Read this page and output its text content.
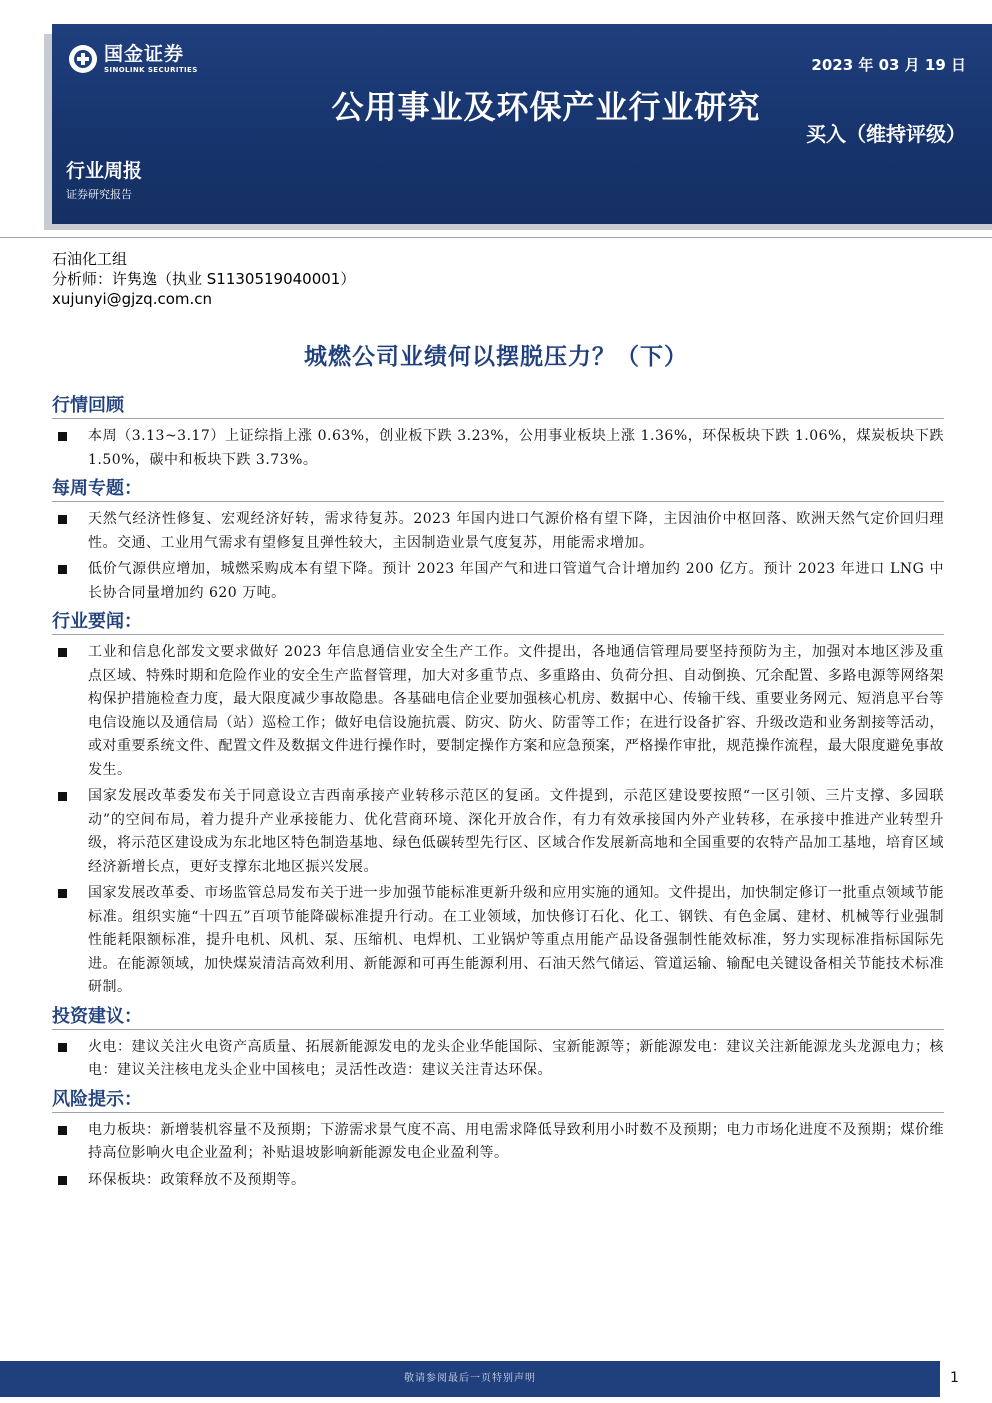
国金证券
SINOLINK SECURITIES
公用事业及环保产业行业研究
2023 年 03 月 19 日
买入（维持评级）
行业周报
证券研究报告
石油化工组
分析师：许隽逸（执业 S1130519040001）
xujunyi@gjzq.com.cn
城燃公司业绩何以摆脱压力？（下）
行情回顾
本周（3.13~3.17）上证综指上涨 0.63%，创业板下跌 3.23%，公用事业板块上涨 1.36%，环保板块下跌 1.06%，煤炭板块下跌 1.50%，碳中和板块下跌 3.73%。
每周专题：
天然气经济性修复、宏观经济好转，需求待复苏。2023 年国内进口气源价格有望下降，主因油价中枢回落、欧洲天然气定价回归理性。交通、工业用气需求有望修复且弹性较大，主因制造业景气度复苏，用能需求增加。
低价气源供应增加，城燃采购成本有望下降。预计 2023 年国产气和进口管道气合计增加约 200 亿方。预计 2023 年进口 LNG 中长协合同量增加约 620 万吨。
行业要闻：
工业和信息化部发文要求做好 2023 年信息通信业安全生产工作。文件提出，各地通信管理局要坚持预防为主，加强对本地区涉及重点区域、特殊时期和危险作业的安全生产监督管理，加大对多重节点、多重路由、负荷分担、自动倒换、冗余配置、多路电源等网络架构保护措施检查力度，最大限度减少事故隐患。各基础电信企业要加强核心机房、数据中心、传输干线、重要业务网元、短消息平台等电信设施以及通信局（站）巡检工作；做好电信设施抗震、防灾、防火、防雷等工作；在进行设备扩容、升级改造和业务割接等活动，或对重要系统文件、配置文件及数据文件进行操作时，要制定操作方案和应急预案，严格操作审批，规范操作流程，最大限度避免事故发生。
国家发展改革委发布关于同意设立吉西南承接产业转移示范区的复函。文件提到，示范区建设要按照“一区引领、三片支撑、多园联动”的空间布局，着力提升产业承接能力、优化营商环境、深化开放合作，有力有效承接国内外产业转移，在承接中推进产业转型升级，将示范区建设成为东北地区特色制造基地、绿色低碳转型先行区、区域合作发展新高地和全国重要的农特产品加工基地，培育区域经济新增长点，更好支撑东北地区振兴发展。
国家发展改革委、市场监管总局发布关于进一步加强节能标准更新升级和应用实施的通知。文件提出，加快制定修订一批重点领域节能标准。组织实施“十四五”百项节能降碳标准提升行动。在工业领域，加快修订石化、化工、钢铁、有色金属、建材、机械等行业强制性能耗限额标准，提升电机、风机、泵、压缩机、电焊机、工业锅炉等重点用能产品设备强制性能效标准，努力实现标准指标国际先进。在能源领域，加快煤炭清洁高效利用、新能源和可再生能源利用、石油天然气储运、管道运输、输配电关键设备相关节能技术标准研制。
投资建议：
火电：建议关注火电资产高质量、拓展新能源发电的龙头企业华能国际、宝新能源等；新能源发电：建议关注新能源龙头龙源电力；核电：建议关注核电龙头企业中国核电；灵活性改造：建议关注青达环保。
风险提示：
电力板块：新增装机容量不及预期；下游需求景气度不高、用电需求降低导致利用小时数不及预期；电力市场化进度不及预期；煤价维持高位影响火电企业盈利；补贴退坡影响新能源发电企业盈利等。
环保板块：政策释放不及预期等。
敬请参阅最后一页特别声明	1
